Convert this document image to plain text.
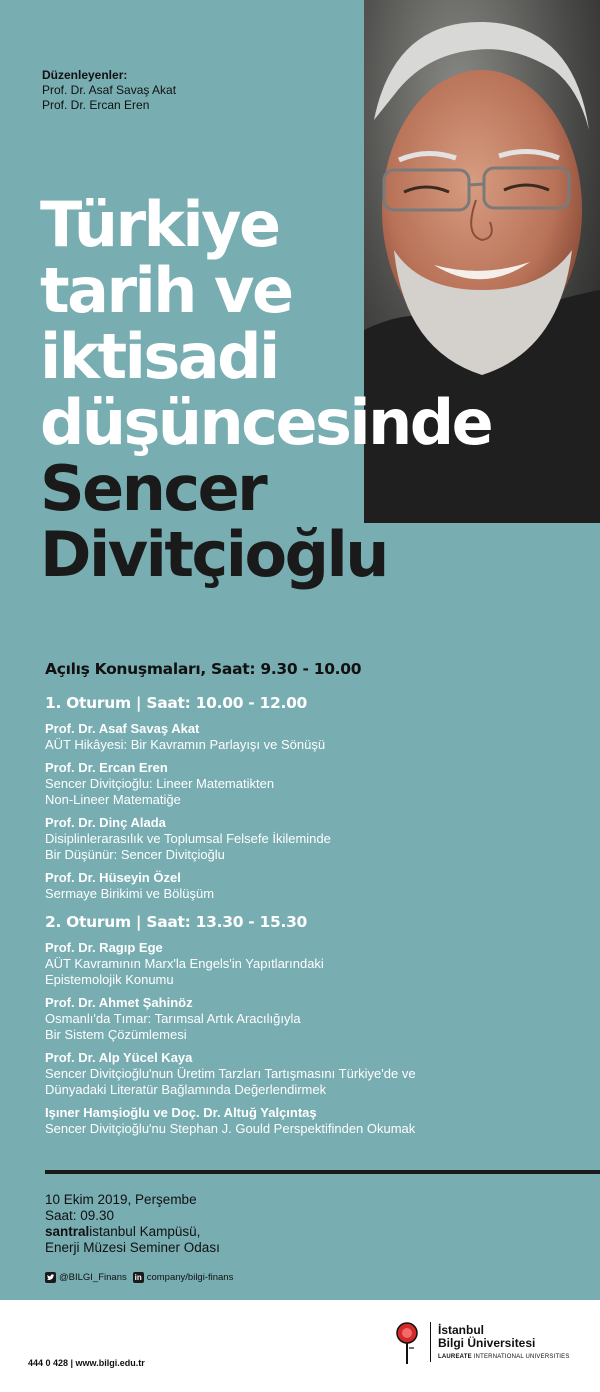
Düzenleyenler:
Prof. Dr. Asaf Savaş Akat
Prof. Dr. Ercan Eren
Türkiye
tarih ve
iktisadi
düşüncesinde
Sencer
Divitçioğlu
Açılış Konuşmaları, Saat: 9.30 - 10.00
1. Oturum | Saat: 10.00 - 12.00
Prof. Dr. Asaf Savaş Akat
AÜT Hikâyesi: Bir Kavramın Parlayışı ve Sönüşü
Prof. Dr. Ercan Eren
Sencer Divitçioğlu: Lineer Matematikten
Non-Lineer Matematiğe
Prof. Dr. Dinç Alada
Disiplinlerarasılık ve Toplumsal Felsefe İkileminde
Bir Düşünür: Sencer Divitçioğlu
Prof. Dr. Hüseyin Özel
Sermaye Birikimi ve Bölüşüm
2. Oturum | Saat: 13.30 - 15.30
Prof. Dr. Ragıp Ege
AÜT Kavramının Marx'la Engels'in Yapıtlarındaki
Epistemolojik Konumu
Prof. Dr. Ahmet Şahinöz
Osmanlı'da Tımar: Tarımsal Artık Aracılığıyla
Bir Sistem Çözümlemesi
Prof. Dr. Alp Yücel Kaya
Sencer Divitçioğlu'nun Üretim Tarzları Tartışmasını Türkiye'de ve
Dünyadaki Literatür Bağlamında Değerlendirmek
Işıner Hamşioğlu ve Doç. Dr. Altuğ Yalçıntaş
Sencer Divitçioğlu'nu Stephan J. Gould Perspektifinden Okumak
10 Ekim 2019, Perşembe
Saat: 09.30
santralistanbul Kampüsü,
Enerji Müzesi Seminer Odası
@BILGI_Finans in company/bilgi-finans
444 0 428 | www.bilgi.edu.tr
İstanbul
Bilgi Üniversitesi
LAUREATE INTERNATIONAL UNIVERSITIES
